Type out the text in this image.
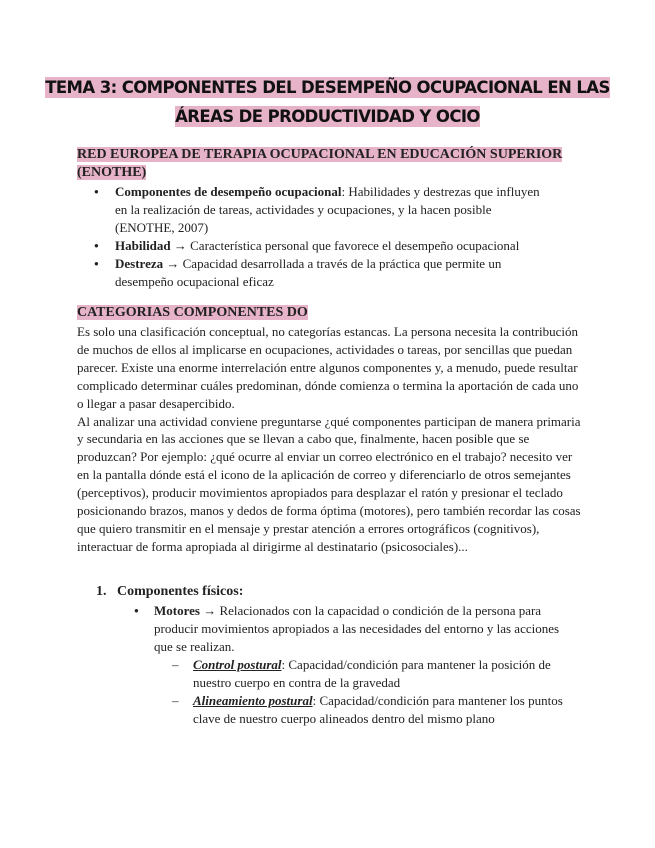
TEMA 3: COMPONENTES DEL DESEMPEÑO OCUPACIONAL EN LAS
ÁREAS DE PRODUCTIVIDAD Y OCIO
RED EUROPEA DE TERAPIA OCUPACIONAL EN EDUCACIÓN SUPERIOR
(ENOTHE)
● Componentes de desempeño ocupacional: Habilidades y destrezas que influyen en la realización de tareas, actividades y ocupaciones, y la hacen posible (ENOTHE, 2007)
● Habilidad → Característica personal que favorece el desempeño ocupacional
● Destreza → Capacidad desarrollada a través de la práctica que permite un desempeño ocupacional eficaz
CATEGORIAS COMPONENTES DO

Es solo una clasificación conceptual, no categorías estancas. La persona necesita la contribución de muchos de ellos al implicarse en ocupaciones, actividades o tareas, por sencillas que puedan parecer. Existe una enorme interrelación entre algunos componentes y, a menudo, puede resultar complicado determinar cuáles predominan, dónde comienza o termina la aportación de cada uno o llegar a pasar desapercibido.

Al analizar una actividad conviene preguntarse ¿qué componentes participan de manera primaria y secundaria en las acciones que se llevan a cabo que, finalmente, hacen posible que se produzcan? Por ejemplo: ¿qué ocurre al enviar un correo electrónico en el trabajo? necesito ver en la pantalla dónde está el icono de la aplicación de correo y diferenciarlo de otros semejantes (perceptivos), producir movimientos apropiados para desplazar el ratón y presionar el teclado posicionando brazos, manos y dedos de forma óptima (motores), pero también recordar las cosas que quiero transmitir en el mensaje y prestar atención a errores ortográficos (cognitivos), interactuar de forma apropiada al dirigirme al destinatario (psicosociales)...

1. Componentes físicos:
● Motores → Relacionados con la capacidad o condición de la persona para producir movimientos apropiados a las necesidades del entorno y las acciones que se realizan.
– Control postural: Capacidad/condición para mantener la posición de nuestro cuerpo en contra de la gravedad
– Alineamiento postural: Capacidad/condición para mantener los puntos clave de nuestro cuerpo alineados dentro del mismo plano
